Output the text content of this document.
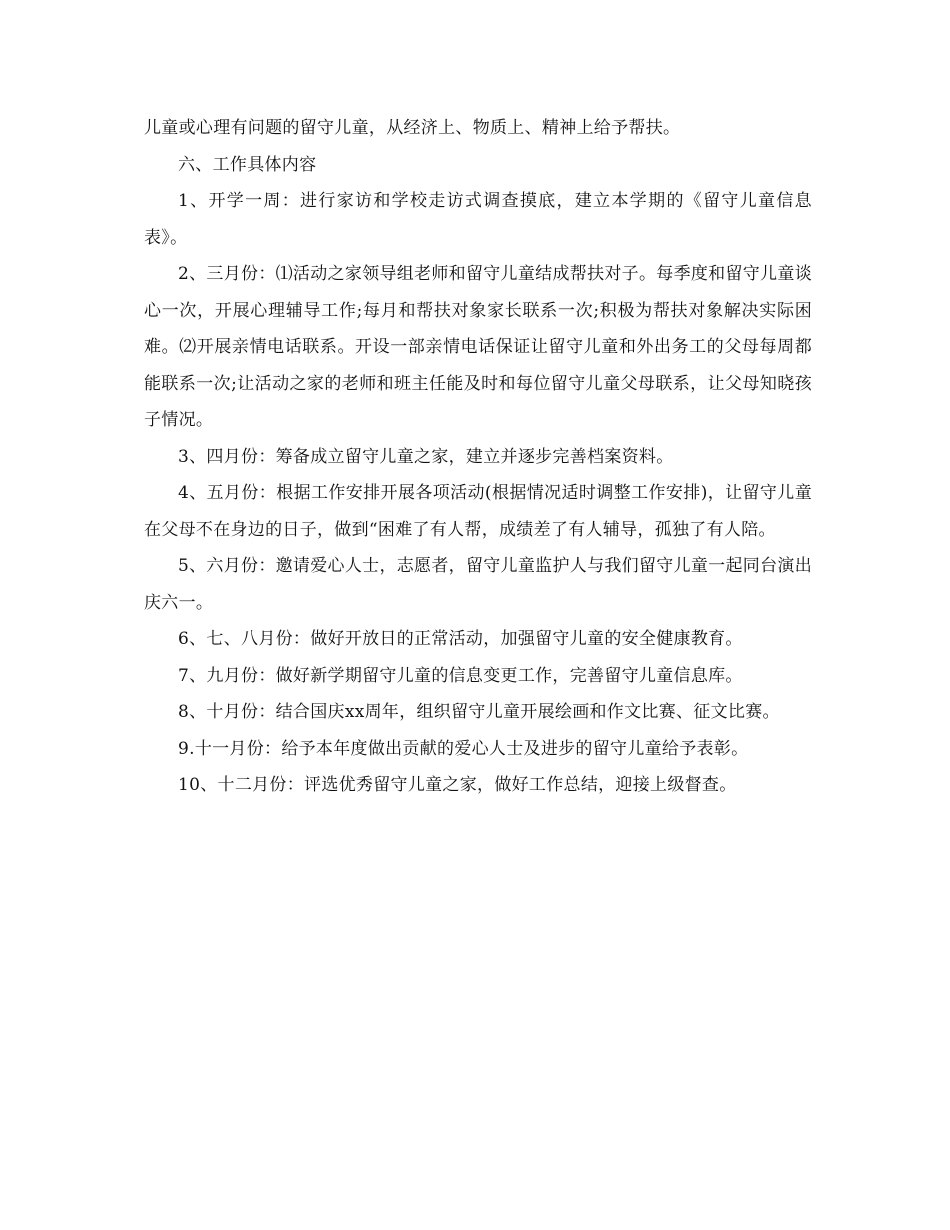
儿童或心理有问题的留守儿童，从经济上、物质上、精神上给予帮扶。

六、工作具体内容

1、开学一周：进行家访和学校走访式调查摸底，建立本学期的《留守儿童信息表》。

2、三月份：⑴活动之家领导组老师和留守儿童结成帮扶对子。每季度和留守儿童谈心一次，开展心理辅导工作;每月和帮扶对象家长联系一次;积极为帮扶对象解决实际困难。⑵开展亲情电话联系。开设一部亲情电话保证让留守儿童和外出务工的父母每周都能联系一次;让活动之家的老师和班主任能及时和每位留守儿童父母联系，让父母知晓孩子情况。

3、四月份：筹备成立留守儿童之家，建立并逐步完善档案资料。

4、五月份：根据工作安排开展各项活动(根据情况适时调整工作安排)，让留守儿童在父母不在身边的日子，做到“困难了有人帮，成绩差了有人辅导，孤独了有人陪。

5、六月份：邀请爱心人士，志愿者，留守儿童监护人与我们留守儿童一起同台演出庆六一。

6、七、八月份：做好开放日的正常活动，加强留守儿童的安全健康教育。

7、九月份：做好新学期留守儿童的信息变更工作，完善留守儿童信息库。

8、十月份：结合国庆xx周年，组织留守儿童开展绘画和作文比赛、征文比赛。

9.十一月份：给予本年度做出贡献的爱心人士及进步的留守儿童给予表彰。

10、十二月份：评选优秀留守儿童之家，做好工作总结，迎接上级督查。
